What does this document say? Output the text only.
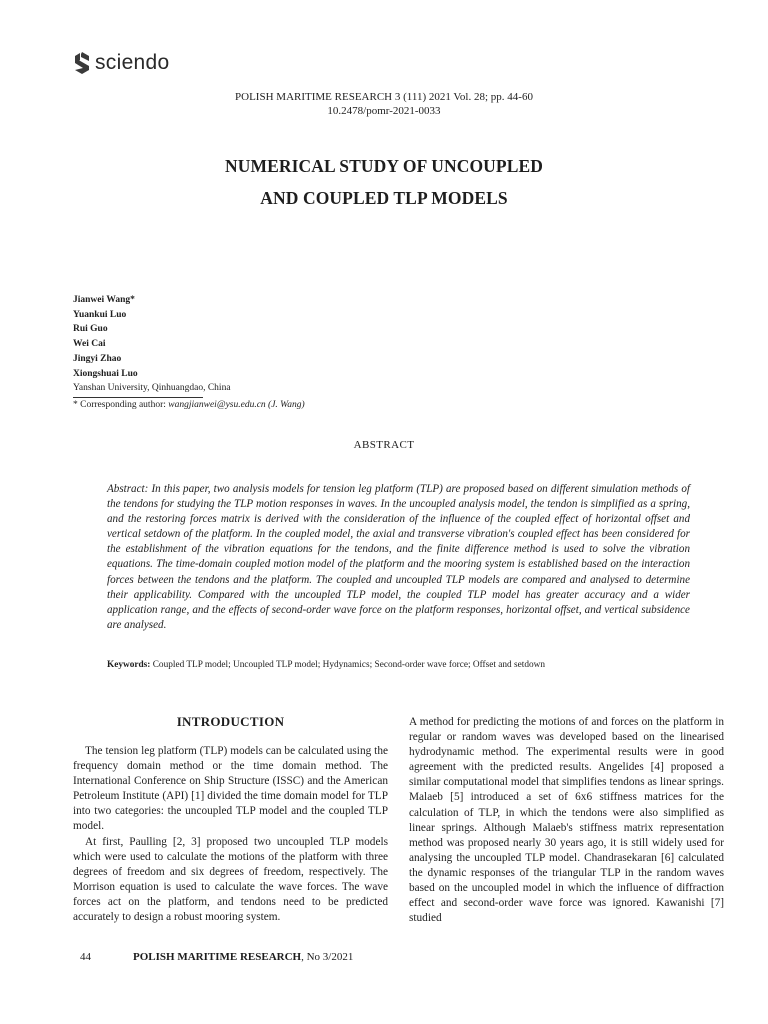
sciendo
POLISH MARITIME RESEARCH 3 (111) 2021 Vol. 28; pp. 44-60
10.2478/pomr-2021-0033
NUMERICAL STUDY OF UNCOUPLED
AND COUPLED TLP MODELS
Jianwei Wang*
Yuankui Luo
Rui Guo
Wei Cai
Jingyi Zhao
Xiongshuai Luo
Yanshan University, Qinhuangdao, China
* Corresponding author: wangjianwei@ysu.edu.cn (J. Wang)
ABSTRACT

Abstract: In this paper, two analysis models for tension leg platform (TLP) are proposed based on different simulation methods of the tendons for studying the TLP motion responses in waves. In the uncoupled analysis model, the tendon is simplified as a spring, and the restoring forces matrix is derived with the consideration of the influence of the coupled effect of horizontal offset and vertical setdown of the platform. In the coupled model, the axial and transverse vibration's coupled effect has been considered for the establishment of the vibration equations for the tendons, and the finite difference method is used to solve the vibration equations. The time-domain coupled motion model of the platform and the mooring system is established based on the interaction forces between the tendons and the platform. The coupled and uncoupled TLP models are compared and analysed to determine their applicability. Compared with the uncoupled TLP model, the coupled TLP model has greater accuracy and a wider application range, and the effects of second-order wave force on the platform responses, horizontal offset, and vertical subsidence are analysed.

Keywords: Coupled TLP model; Uncoupled TLP model; Hydynamics; Second-order wave force; Offset and setdown
INTRODUCTION

The tension leg platform (TLP) models can be calculated using the frequency domain method or the time domain method. The International Conference on Ship Structure (ISSC) and the American Petroleum Institute (API) [1] divided the time domain model for TLP into two categories: the uncoupled TLP model and the coupled TLP model.

At first, Paulling [2, 3] proposed two uncoupled TLP models which were used to calculate the motions of the platform with three degrees of freedom and six degrees of freedom, respectively. The Morrison equation is used to calculate the wave forces. The wave forces act on the platform, and tendons need to be predicted accurately to design a robust mooring system.

A method for predicting the motions of and forces on the platform in regular or random waves was developed based on the linearised hydrodynamic method. The experimental results were in good agreement with the predicted results. Angelides [4] proposed a similar computational model that simplifies tendons as linear springs. Malaeb [5] introduced a set of 6x6 stiffness matrices for the calculation of TLP, in which the tendons were also simplified as linear springs. Although Malaeb's stiffness matrix representation method was proposed nearly 30 years ago, it is still widely used for analysing the uncoupled TLP model. Chandrasekaran [6] calculated the dynamic responses of the triangular TLP in the random waves based on the uncoupled model in which the influence of diffraction effect and second-order wave force was ignored. Kawanishi [7] studied

44	POLISH MARITIME RESEARCH, No 3/2021
